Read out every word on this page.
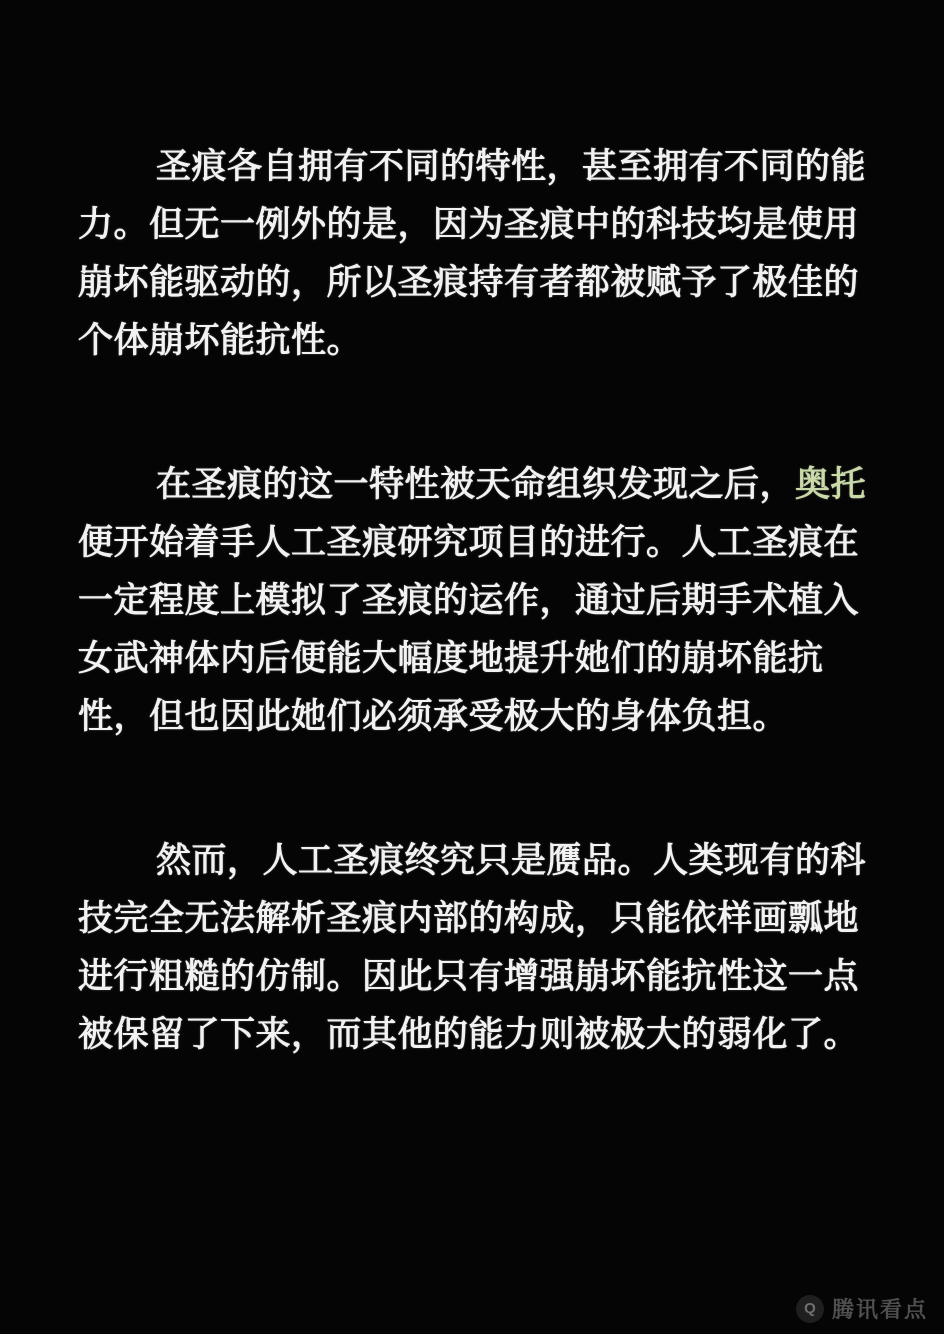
圣痕各自拥有不同的特性，甚至拥有不同的能力。但无一例外的是，因为圣痕中的科技均是使用崩坏能驱动的，所以圣痕持有者都被赋予了极佳的个体崩坏能抗性。

在圣痕的这一特性被天命组织发现之后，奥托便开始着手人工圣痕研究项目的进行。人工圣痕在一定程度上模拟了圣痕的运作，通过后期手术植入女武神体内后便能大幅度地提升她们的崩坏能抗性，但也因此她们必须承受极大的身体负担。

然而，人工圣痕终究只是赝品。人类现有的科技完全无法解析圣痕内部的构成，只能依样画瓢地进行粗糙的仿制。因此只有增强崩坏能抗性这一点被保留了下来，而其他的能力则被极大的弱化了。

Q 腾讯看点
